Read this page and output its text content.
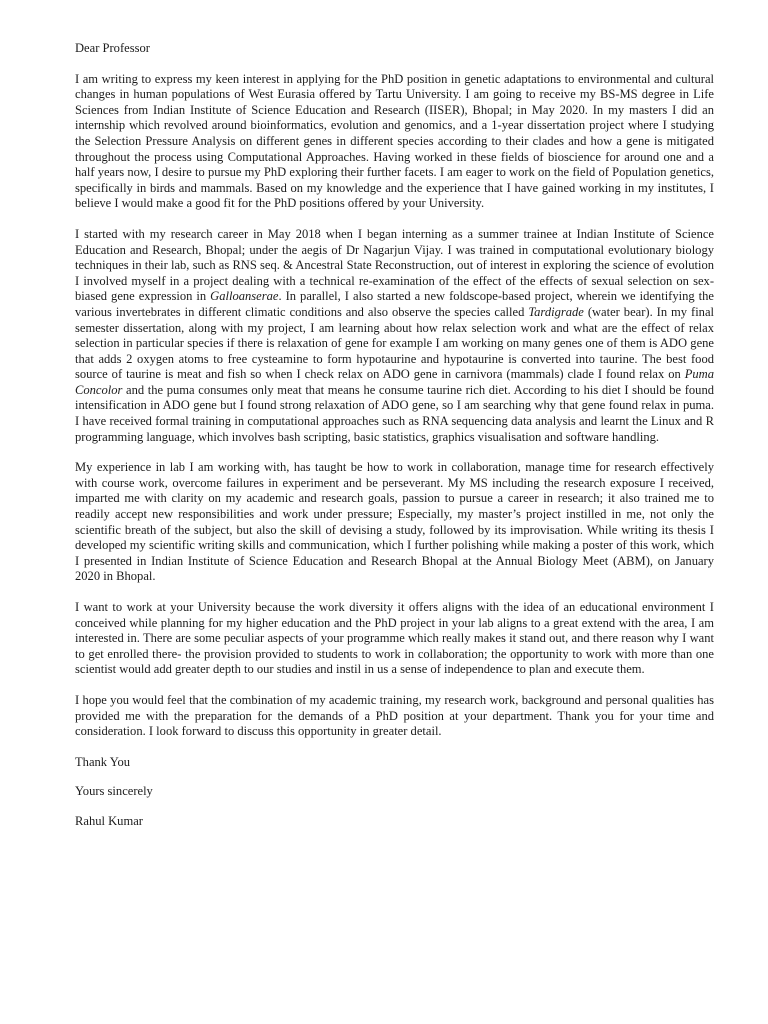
Dear Professor

I am writing to express my keen interest in applying for the PhD position in genetic adaptations to environmental and cultural changes in human populations of West Eurasia offered by Tartu University. I am going to receive my BS-MS degree in Life Sciences from Indian Institute of Science Education and Research (IISER), Bhopal; in May 2020. In my masters I did an internship which revolved around bioinformatics, evolution and genomics, and a 1-year dissertation project where I studying the Selection Pressure Analysis on different genes in different species according to their clades and how a gene is mitigated throughout the process using Computational Approaches. Having worked in these fields of bioscience for around one and a half years now, I desire to pursue my PhD exploring their further facets. I am eager to work on the field of Population genetics, specifically in birds and mammals. Based on my knowledge and the experience that I have gained working in my institutes, I believe I would make a good fit for the PhD positions offered by your University.

I started with my research career in May 2018 when I began interning as a summer trainee at Indian Institute of Science Education and Research, Bhopal; under the aegis of Dr Nagarjun Vijay. I was trained in computational evolutionary biology techniques in their lab, such as RNS seq. & Ancestral State Reconstruction, out of interest in exploring the science of evolution I involved myself in a project dealing with a technical re-examination of the effect of the effects of sexual selection on sex-biased gene expression in Galloanserae. In parallel, I also started a new foldscope-based project, wherein we identifying the various invertebrates in different climatic conditions and also observe the species called Tardigrade (water bear). In my final semester dissertation, along with my project, I am learning about how relax selection work and what are the effect of relax selection in particular species if there is relaxation of gene for example I am working on many genes one of them is ADO gene that adds 2 oxygen atoms to free cysteamine to form hypotaurine and hypotaurine is converted into taurine. The best food source of taurine is meat and fish so when I check relax on ADO gene in carnivora (mammals) clade I found relax on Puma Concolor and the puma consumes only meat that means he consume taurine rich diet. According to his diet I should be found intensification in ADO gene but I found strong relaxation of ADO gene, so I am searching why that gene found relax in puma. I have received formal training in computational approaches such as RNA sequencing data analysis and learnt the Linux and R programming language, which involves bash scripting, basic statistics, graphics visualisation and software handling.

My experience in lab I am working with, has taught be how to work in collaboration, manage time for research effectively with course work, overcome failures in experiment and be perseverant. My MS including the research exposure I received, imparted me with clarity on my academic and research goals, passion to pursue a career in research; it also trained me to readily accept new responsibilities and work under pressure; Especially, my master’s project instilled in me, not only the scientific breath of the subject, but also the skill of devising a study, followed by its improvisation. While writing its thesis I developed my scientific writing skills and communication, which I further polishing while making a poster of this work, which I presented in Indian Institute of Science Education and Research Bhopal at the Annual Biology Meet (ABM), on January 2020 in Bhopal.

I want to work at your University because the work diversity it offers aligns with the idea of an educational environment I conceived while planning for my higher education and the PhD project in your lab aligns to a great extend with the area, I am interested in. There are some peculiar aspects of your programme which really makes it stand out, and there reason why I want to get enrolled there- the provision provided to students to work in collaboration; the opportunity to work with more than one scientist would add greater depth to our studies and instil in us a sense of independence to plan and execute them.

I hope you would feel that the combination of my academic training, my research work, background and personal qualities has provided me with the preparation for the demands of a PhD position at your department. Thank you for your time and consideration. I look forward to discuss this opportunity in greater detail.

Thank You

Yours sincerely

Rahul Kumar
